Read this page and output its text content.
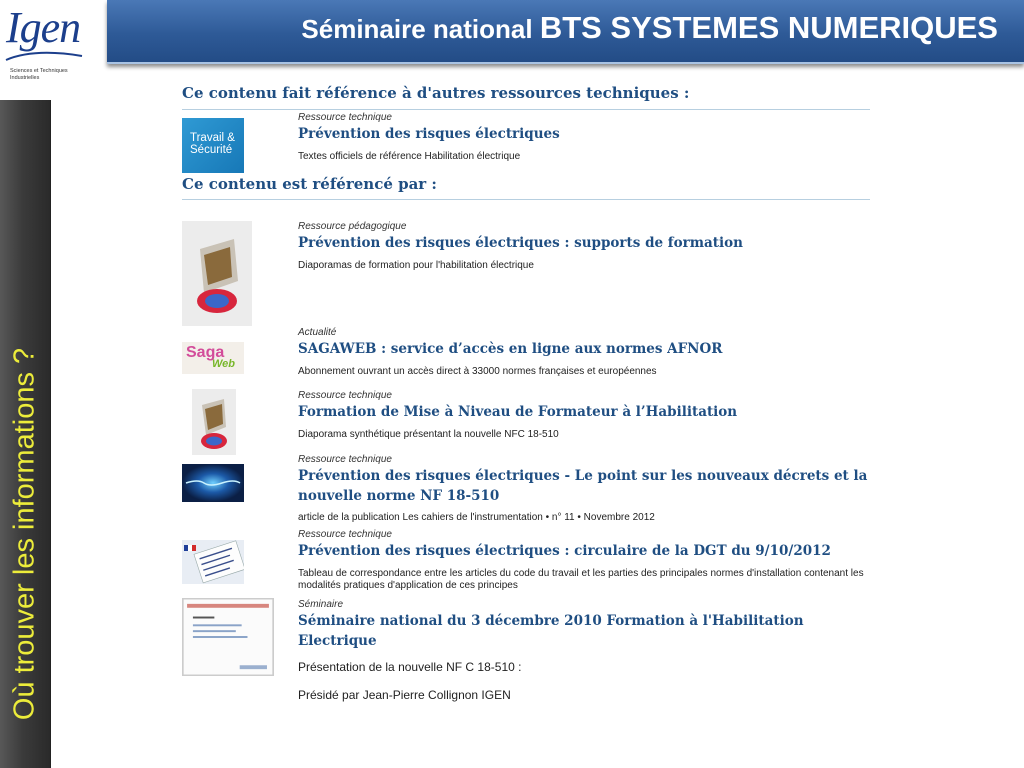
Igen
Sciences et Techniques Industrielles
Séminaire national BTS SYSTEMES NUMERIQUES
Où trouver les informations ?
Ce contenu fait référence à d'autres ressources techniques :
Travail &
Sécurité
Ressource technique
Prévention des risques électriques
Textes officiels de référence Habilitation électrique
Ce contenu est référencé par :
Ressource pédagogique
Prévention des risques électriques : supports de formation
Diaporamas de formation pour l'habilitation électrique
Saga
Web
Actualité
SAGAWEB : service d’accès en ligne aux normes AFNOR
Abonnement ouvrant un accès direct à 33000 normes françaises et européennes
Ressource technique
Formation de Mise à Niveau de Formateur à l’Habilitation
Diaporama synthétique présentant la nouvelle NFC 18-510
Ressource technique
Prévention des risques électriques - Le point sur les nouveaux décrets et la nouvelle norme NF 18-510
article de la publication Les cahiers de l'instrumentation • n° 11 • Novembre 2012
Ressource technique
Prévention des risques électriques : circulaire de la DGT du 9/10/2012
Tableau de correspondance entre les articles du code du travail et les parties des principales normes d'installation contenant les modalités pratiques d'application de ces principes
Séminaire
Séminaire national du 3 décembre 2010 Formation à l'Habilitation Electrique
Présentation de la nouvelle NF C 18-510 :
Présidé par Jean-Pierre Collignon IGEN
